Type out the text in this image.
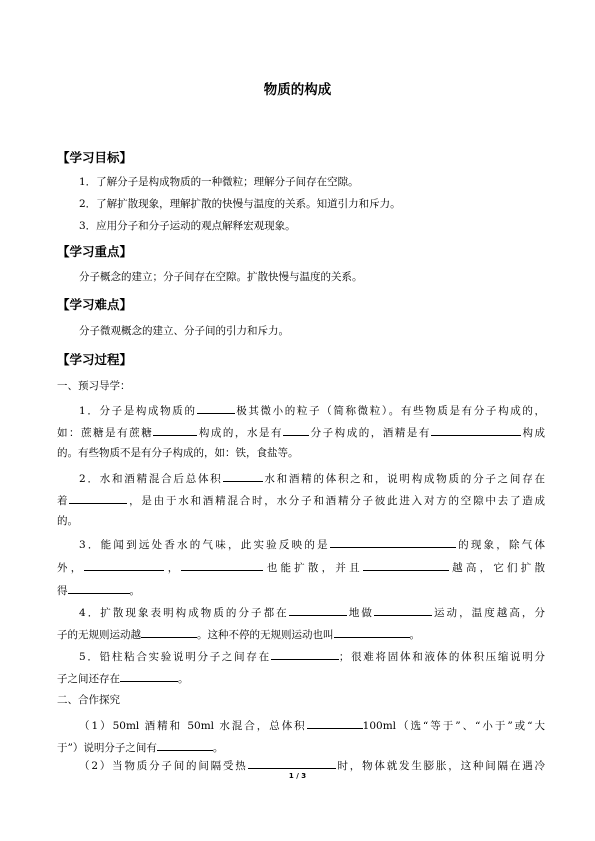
物质的构成
【学习目标】
1．了解分子是构成物质的一种微粒；理解分子间存在空隙。
2．了解扩散现象，理解扩散的快慢与温度的关系。知道引力和斥力。
3．应用分子和分子运动的观点解释宏观现象。
【学习重点】
分子概念的建立；分子间存在空隙。扩散快慢与温度的关系。
【学习难点】
分子微观概念的建立、分子间的引力和斥力。
【学习过程】
一、预习导学：
1．分子是构成物质的	极其微小的粒子（简称微粒）。有些物质是有分子构成的，
如：蔗糖是有蔗糖	构成的，水是有 分子构成的，酒精是有	构成
的。有些物质不是有分子构成的，如：铁，食盐等。
2．水和酒精混合后总体积	水和酒精的体积之和，说明构成物质的分子之间存在
着	，是由于水和酒精混合时，水分子和酒精分子彼此进入对方的空隙中去了造成
的。
3．能闻到远处香水的气味，此实验反映的是	的现象，除气体
外，	，	也能扩散，并且	越高，它们扩散
得	。
4．扩散现象表明构成物质的分子都在	地做	运动，温度越高，分
子的无规则运动越	。这种不停的无规则运动也叫	。
5．铅柱粘合实验说明分子之间存在	；很难将固体和液体的体积压缩说明分
子之间还存在	。
二、合作探究
（1）50ml 酒精和 50ml 水混合，总体积	100ml（选“等于”、“小于”或“大
于”）说明分子之间有	。
（2）当物质分子间的间隔受热	时，物体就发生膨胀，这种间隔在遇冷
1 / 3
